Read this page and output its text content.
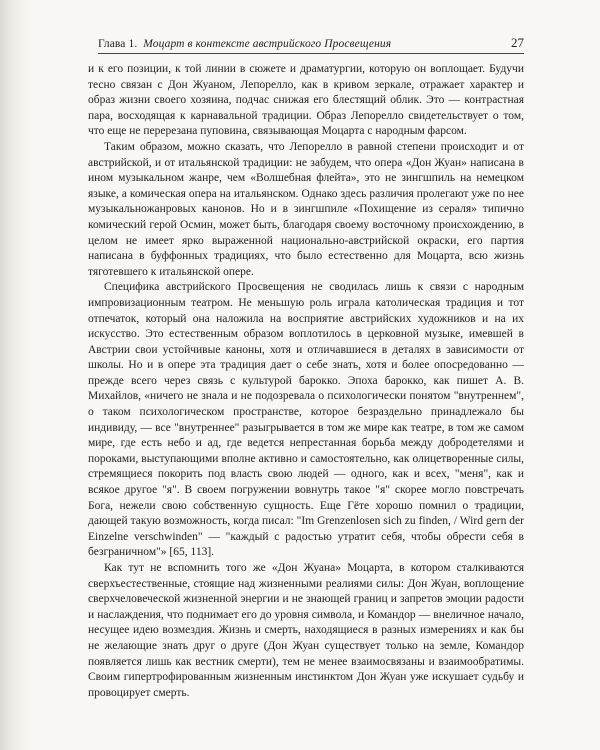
Глава 1. Моцарт в контексте австрийского Просвещения	27

и к его позиции, к той линии в сюжете и драматургии, которую он воплощает. Будучи тесно связан с Дон Жуаном, Лепорелло, как в кривом зеркале, отражает характер и образ жизни своего хозяина, подчас снижая его блестящий облик. Это — контрастная пара, восходящая к карнавальной традиции. Образ Лепорелло свидетельствует о том, что еще не перерезана пуповина, связывающая Моцарта с народным фарсом.

Таким образом, можно сказать, что Лепорелло в равной степени происходит и от австрийской, и от итальянской традиции: не забудем, что опера «Дон Жуан» написана в ином музыкальном жанре, чем «Волшебная флейта», это не зингшпиль на немецком языке, а комическая опера на итальянском. Однако здесь различия пролегают уже по нее музыкальножанровых канонов. Но и в зингшпиле «Похищение из сераля» типично комический герой Осмин, может быть, благодаря своему восточному происхождению, в целом не имеет ярко выраженной национально-австрийской окраски, его партия написана в буффонных традициях, что было естественно для Моцарта, всю жизнь тяготевшего к итальянской опере.

Специфика австрийского Просвещения не сводилась лишь к связи с народным импровизационным театром. Не меньшую роль играла католическая традиция и тот отпечаток, который она наложила на восприятие австрийских художников и на их искусство. Это естественным образом воплотилось в церковной музыке, имевшей в Австрии свои устойчивые каноны, хотя и отличавшиеся в деталях в зависимости от школы. Но и в опере эта традиция дает о себе знать, хотя и более опосредованно — прежде всего через связь с культурой барокко. Эпоха барокко, как пишет А. В. Михайлов, «ничего не знала и не подозревала о психологически понятом "внутреннем", о таком психологическом пространстве, которое безраздельно принадлежало бы индивиду, — все "внутреннее" разыгрывается в том же мире как театре, в том же самом мире, где есть небо и ад, где ведется непрестанная борьба между добродетелями и пороками, выступающими вполне активно и самостоятельно, как олицетворенные силы, стремящиеся покорить под власть свою людей — одного, как и всех, "меня", как и всякое другое "я". В своем погружении вовнутрь такое "я" скорее могло повстречать Бога, нежели свою собственную сущность. Еще Гёте хорошо помнил о традиции, дающей такую возможность, когда писал: "Im Grenzenlosen sich zu finden, / Wird gern der Einzelne verschwinden" — "каждый с радостью утратит себя, чтобы обрести себя в безграничном"» [65, 113].

Как тут не вспомнить того же «Дон Жуана» Моцарта, в котором сталкиваются сверхъестественные, стоящие над жизненными реалиями силы: Дон Жуан, воплощение сверхчеловеческой жизненной энергии и не знающей границ и запретов эмоции радости и наслаждения, что поднимает его до уровня символа, и Командор — внеличное начало, несущее идею возмездия. Жизнь и смерть, находящиеся в разных измерениях и как бы не желающие знать друг о друге (Дон Жуан существует только на земле, Командор появляется лишь как вестник смерти), тем не менее взаимосвязаны и взаимообратимы. Своим гипертрофированным жизненным инстинктом Дон Жуан уже искушает судьбу и провоцирует смерть.
